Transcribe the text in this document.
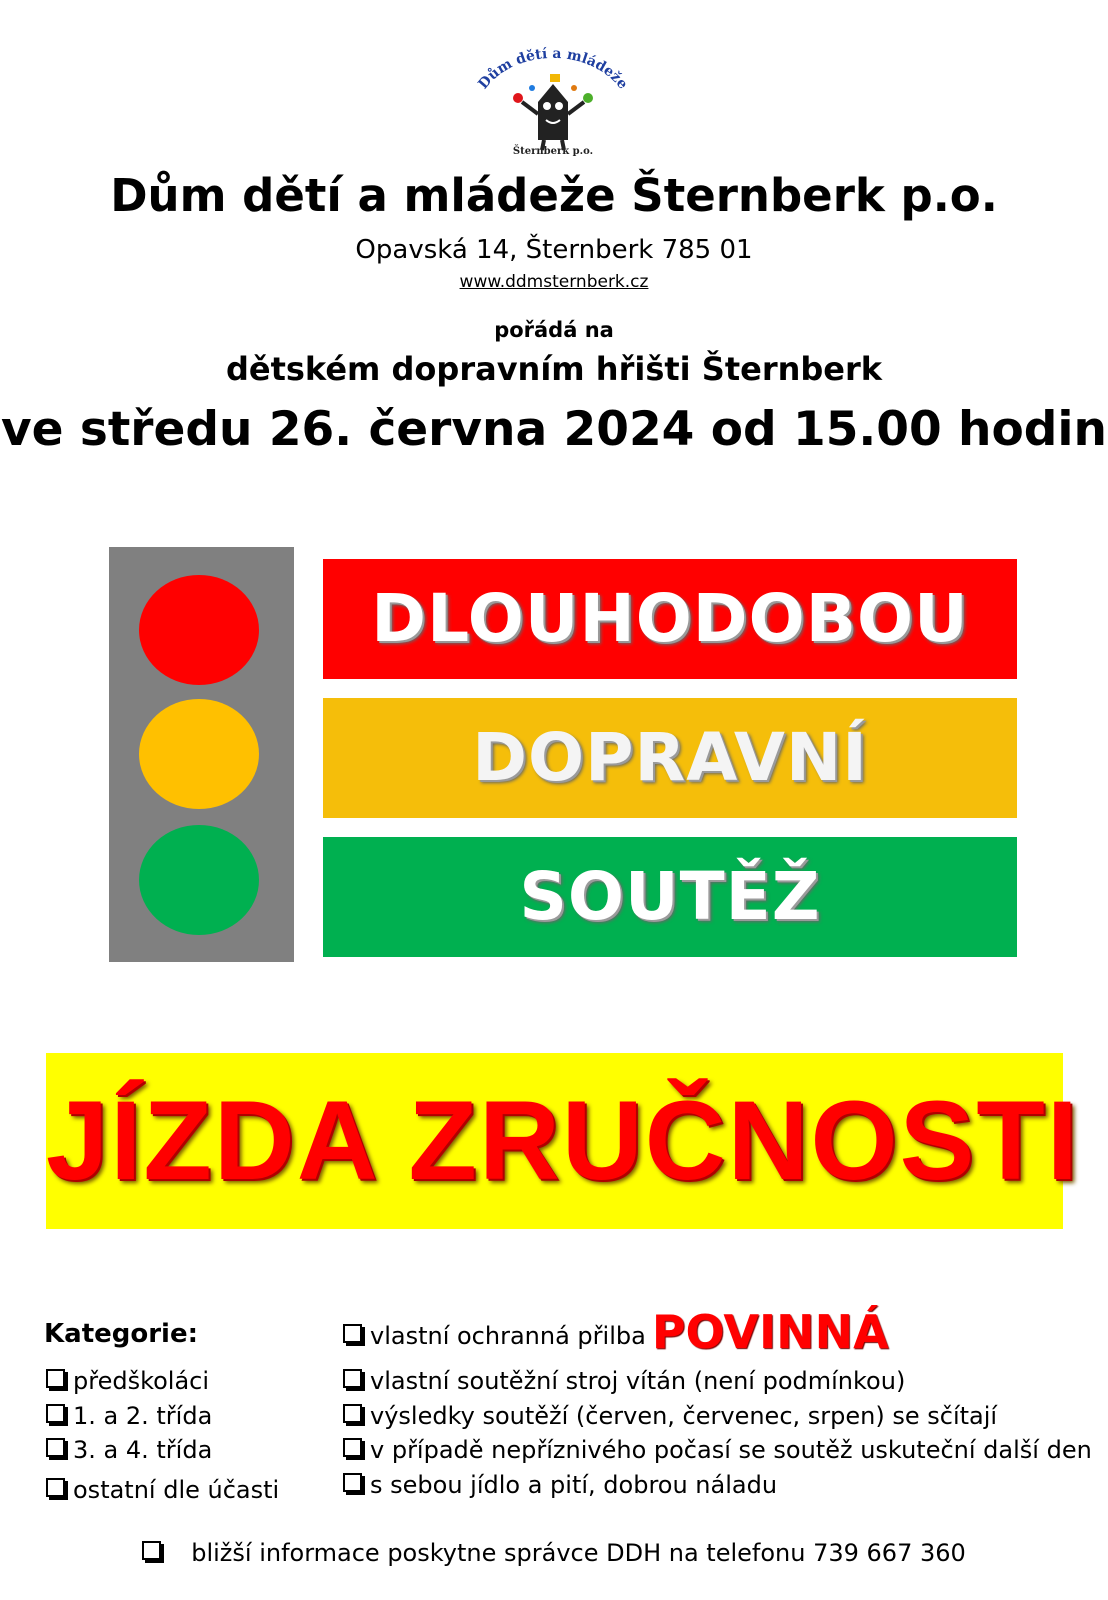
Dům dětí a mládeže
Šternberk p.o.
Dům dětí a mládeže Šternberk p.o.
Opavská 14, Šternberk 785 01
www.ddmsternberk.cz
pořádá na
dětském dopravním hřišti Šternberk
ve středu 26. června 2024 od 15.00 hodin
DLOUHODOBOU
DOPRAVNÍ
SOUTĚŽ
JÍZDA ZRUČNOSTI
Kategorie:
předškoláci
1. a 2. třída
3. a 4. třída
ostatní dle účasti
vlastní ochranná přilba POVINNÁ
vlastní soutěžní stroj vítán (není podmínkou)
výsledky soutěží (červen, červenec, srpen) se sčítají
v případě nepříznivého počasí se soutěž uskuteční další den
s sebou jídlo a pití, dobrou náladu
bližší informace poskytne správce DDH na telefonu 739 667 360
